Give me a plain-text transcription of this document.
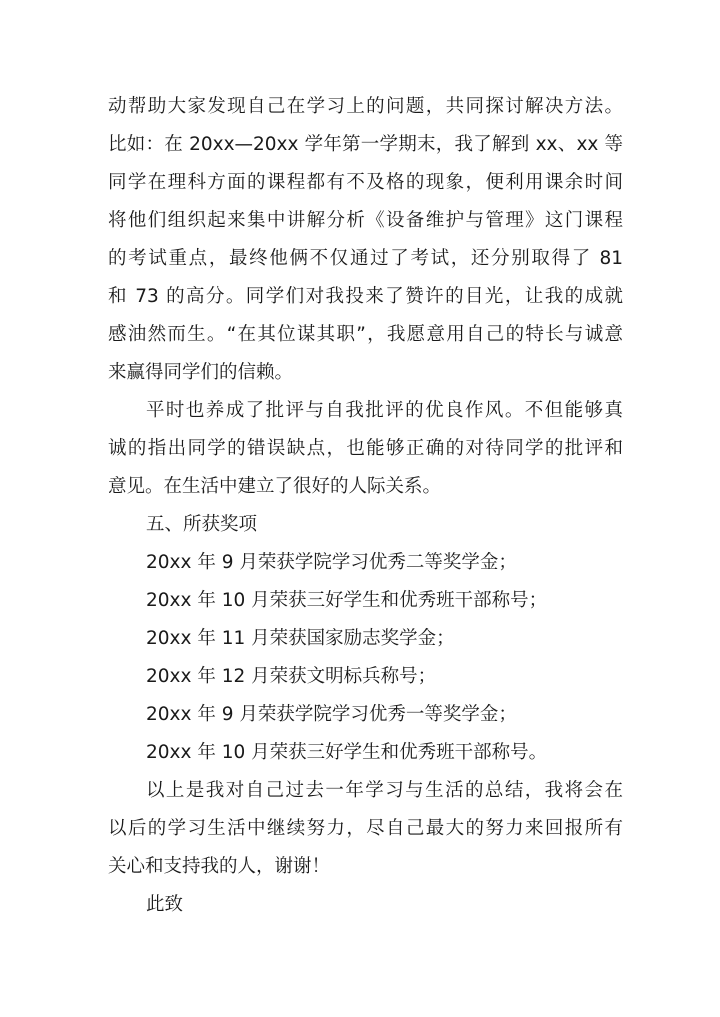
动帮助大家发现自己在学习上的问题，共同探讨解决方法。
比如：在 20xx—20xx 学年第一学期末，我了解到 xx、xx 等
同学在理科方面的课程都有不及格的现象，便利用课余时间
将他们组织起来集中讲解分析《设备维护与管理》这门课程
的考试重点，最终他俩不仅通过了考试，还分别取得了 81
和 73 的高分。同学们对我投来了赞许的目光，让我的成就
感油然而生。“在其位谋其职”，我愿意用自己的特长与诚意
来赢得同学们的信赖。
平时也养成了批评与自我批评的优良作风。不但能够真
诚的指出同学的错误缺点，也能够正确的对待同学的批评和
意见。在生活中建立了很好的人际关系。
五、所获奖项
20xx 年 9 月荣获学院学习优秀二等奖学金；
20xx 年 10 月荣获三好学生和优秀班干部称号；
20xx 年 11 月荣获国家励志奖学金；
20xx 年 12 月荣获文明标兵称号；
20xx 年 9 月荣获学院学习优秀一等奖学金；
20xx 年 10 月荣获三好学生和优秀班干部称号。
以上是我对自己过去一年学习与生活的总结，我将会在
以后的学习生活中继续努力，尽自己最大的努力来回报所有
关心和支持我的人，谢谢！
此致
